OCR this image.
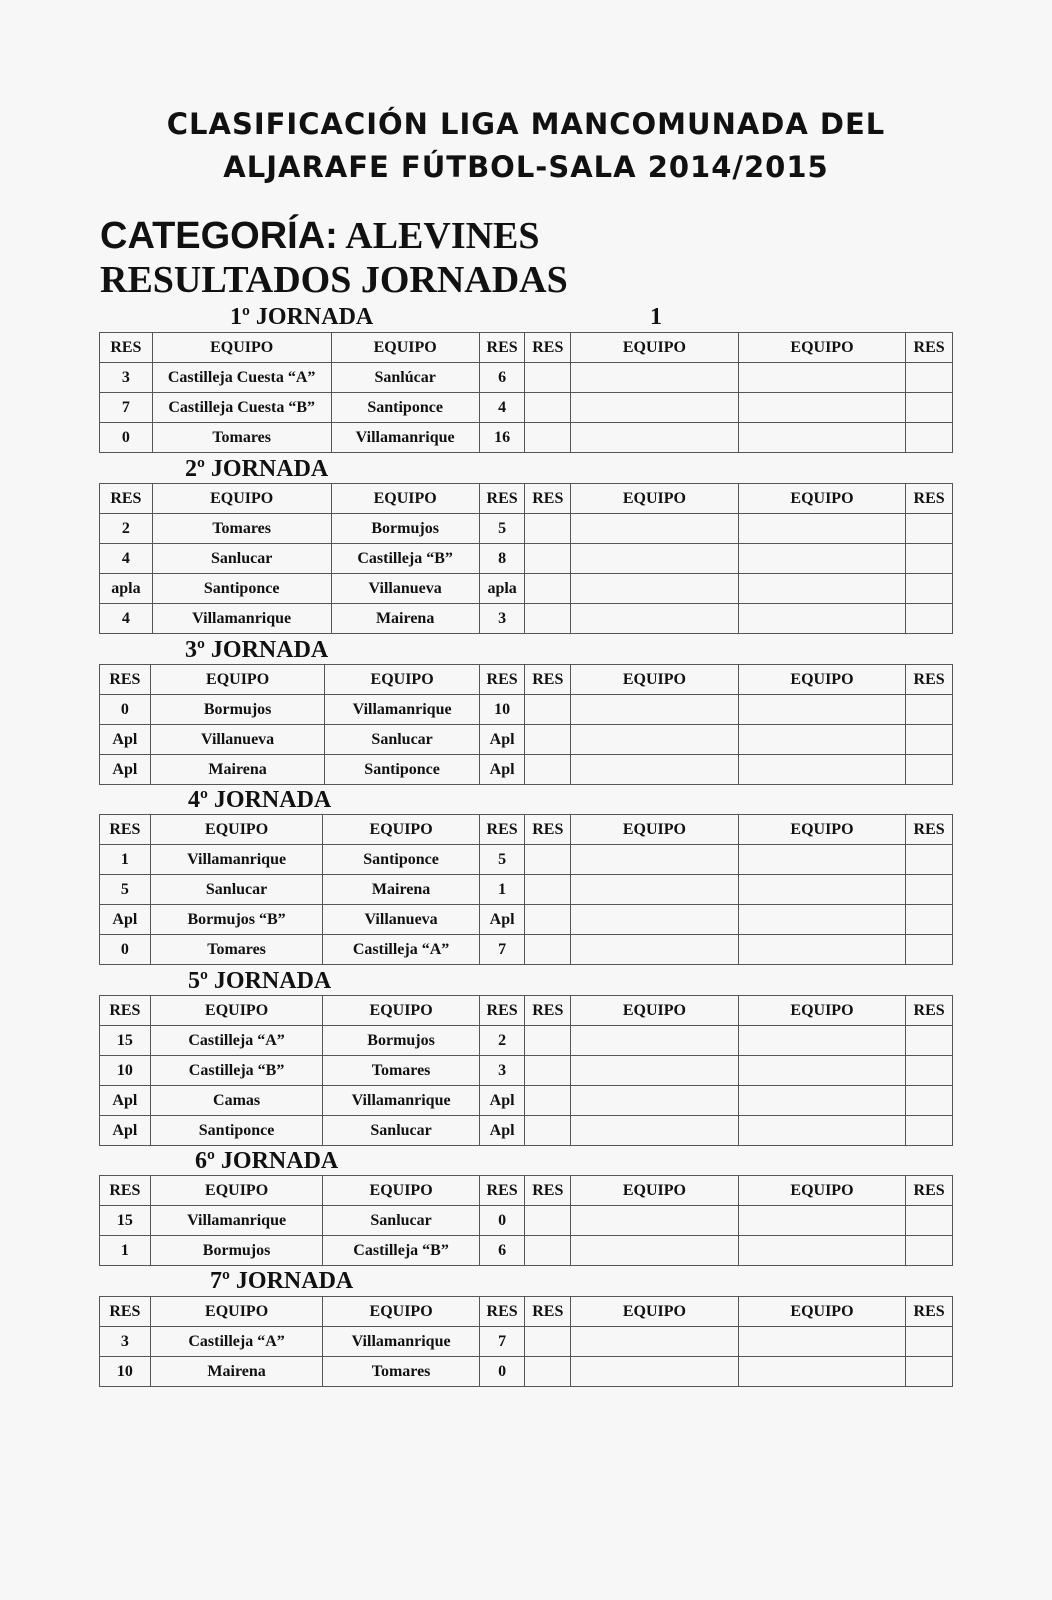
CLASIFICACIÓN LIGA MANCOMUNADA DEL
ALJARAFE FÚTBOL-SALA 2014/2015
CATEGORÍA: ALEVINES
RESULTADOS JORNADAS
1
1º JORNADA
RES	EQUIPO	EQUIPO	RES	RES	EQUIPO	EQUIPO	RES
3	Castilleja Cuesta “A”	Sanlúcar	6				
7	Castilleja Cuesta “B”	Santiponce	4				
0	Tomares	Villamanrique	16				
2º JORNADA
RES	EQUIPO	EQUIPO	RES	RES	EQUIPO	EQUIPO	RES
2	Tomares	Bormujos	5				
4	Sanlucar	Castilleja “B”	8				
apla	Santiponce	Villanueva	apla				
4	Villamanrique	Mairena	3				
3º JORNADA
RES	EQUIPO	EQUIPO	RES	RES	EQUIPO	EQUIPO	RES
0	Bormujos	Villamanrique	10				
Apl	Villanueva	Sanlucar	Apl				
Apl	Mairena	Santiponce	Apl				
4º JORNADA
RES	EQUIPO	EQUIPO	RES	RES	EQUIPO	EQUIPO	RES
1	Villamanrique	Santiponce	5				
5	Sanlucar	Mairena	1				
Apl	Bormujos “B”	Villanueva	Apl				
0	Tomares	Castilleja “A”	7				
5º JORNADA
RES	EQUIPO	EQUIPO	RES	RES	EQUIPO	EQUIPO	RES
15	Castilleja “A”	Bormujos	2				
10	Castilleja “B”	Tomares	3				
Apl	Camas	Villamanrique	Apl				
Apl	Santiponce	Sanlucar	Apl				
6º JORNADA
RES	EQUIPO	EQUIPO	RES	RES	EQUIPO	EQUIPO	RES
15	Villamanrique	Sanlucar	0				
1	Bormujos	Castilleja “B”	6				
7º JORNADA
RES	EQUIPO	EQUIPO	RES	RES	EQUIPO	EQUIPO	RES
3	Castilleja “A”	Villamanrique	7				
10	Mairena	Tomares	0				
